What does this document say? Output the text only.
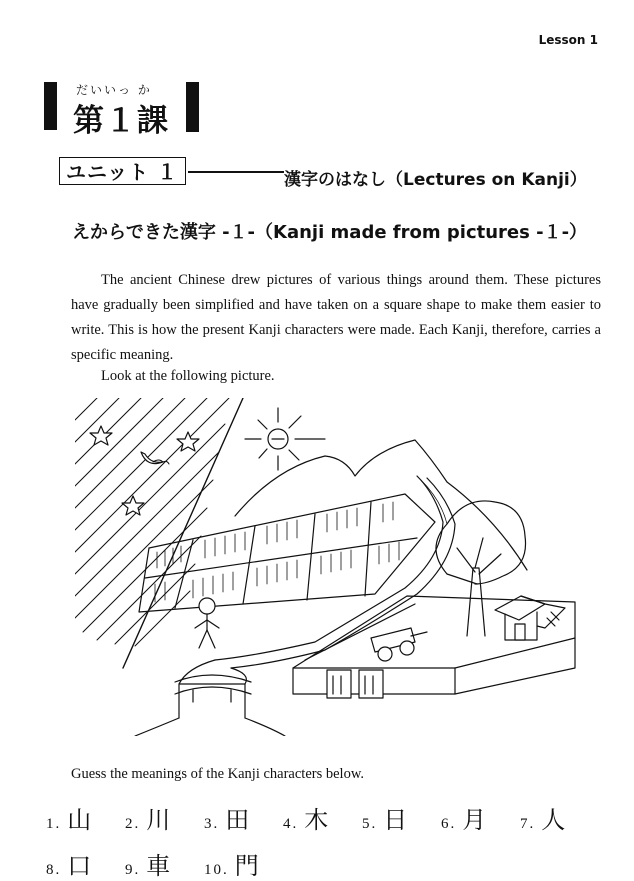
Lesson 1
だいいっ か
第１課
ユニット １	漢字のはなし（Lectures on Kanji）
えからできた漢字 -１-（Kanji made from pictures -１-）

The ancient Chinese drew pictures of various things around them. These pictures have gradually been simplified and have taken on a square shape to make them easier to write. This is how the present Kanji characters were made. Each Kanji, therefore, carries a specific meaning.

Look at the following picture.

Guess the meanings of the Kanji characters below.

1. 山 2. 川 3. 田 4. 木 5. 日 6. 月 7. 人
8. 口 9. 車 10. 門
